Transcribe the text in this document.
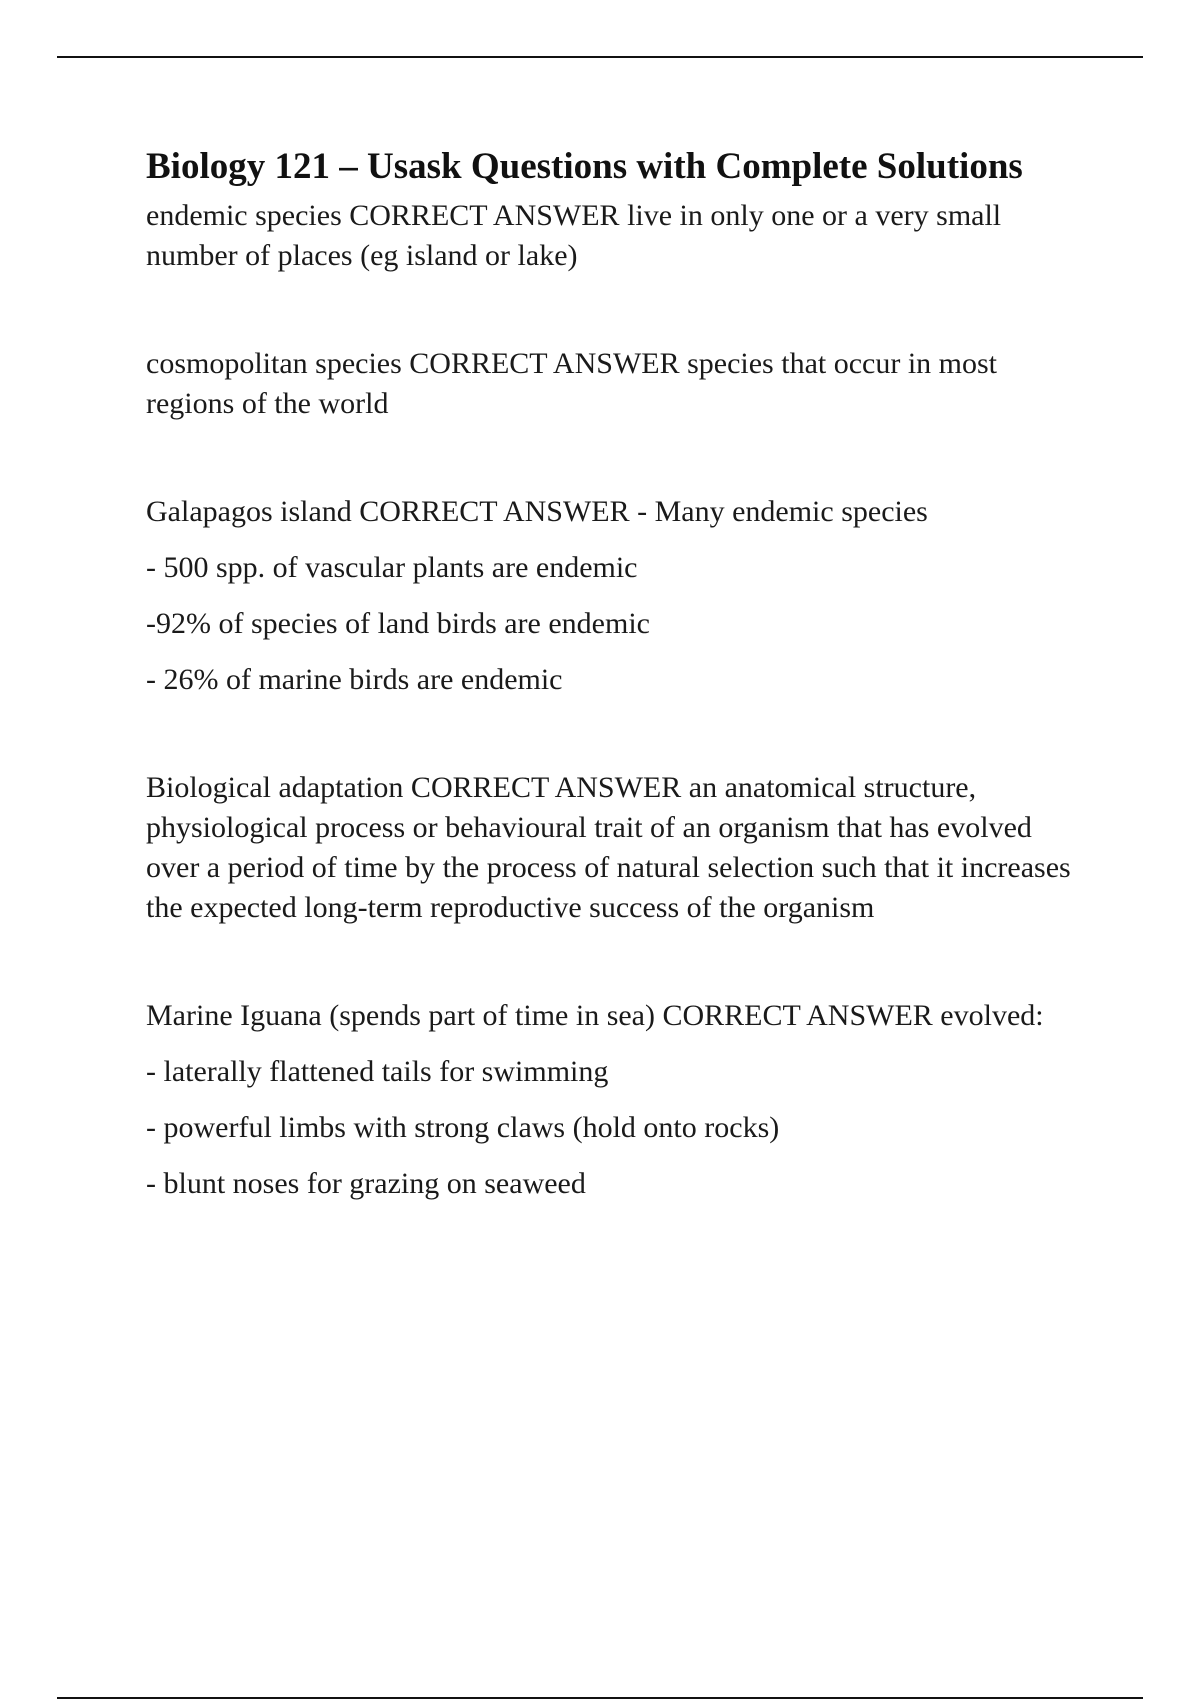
Biology 121 – Usask Questions with Complete Solutions

endemic species CORRECT ANSWER live in only one or a very small number of places (eg island or lake)

cosmopolitan species CORRECT ANSWER species that occur in most regions of the world

Galapagos island CORRECT ANSWER - Many endemic species

- 500 spp. of vascular plants are endemic

-92% of species of land birds are endemic

- 26% of marine birds are endemic

Biological adaptation CORRECT ANSWER an anatomical structure, physiological process or behavioural trait of an organism that has evolved over a period of time by the process of natural selection such that it increases the expected long-term reproductive success of the organism

Marine Iguana (spends part of time in sea) CORRECT ANSWER evolved:

- laterally flattened tails for swimming

- powerful limbs with strong claws (hold onto rocks)

- blunt noses for grazing on seaweed
